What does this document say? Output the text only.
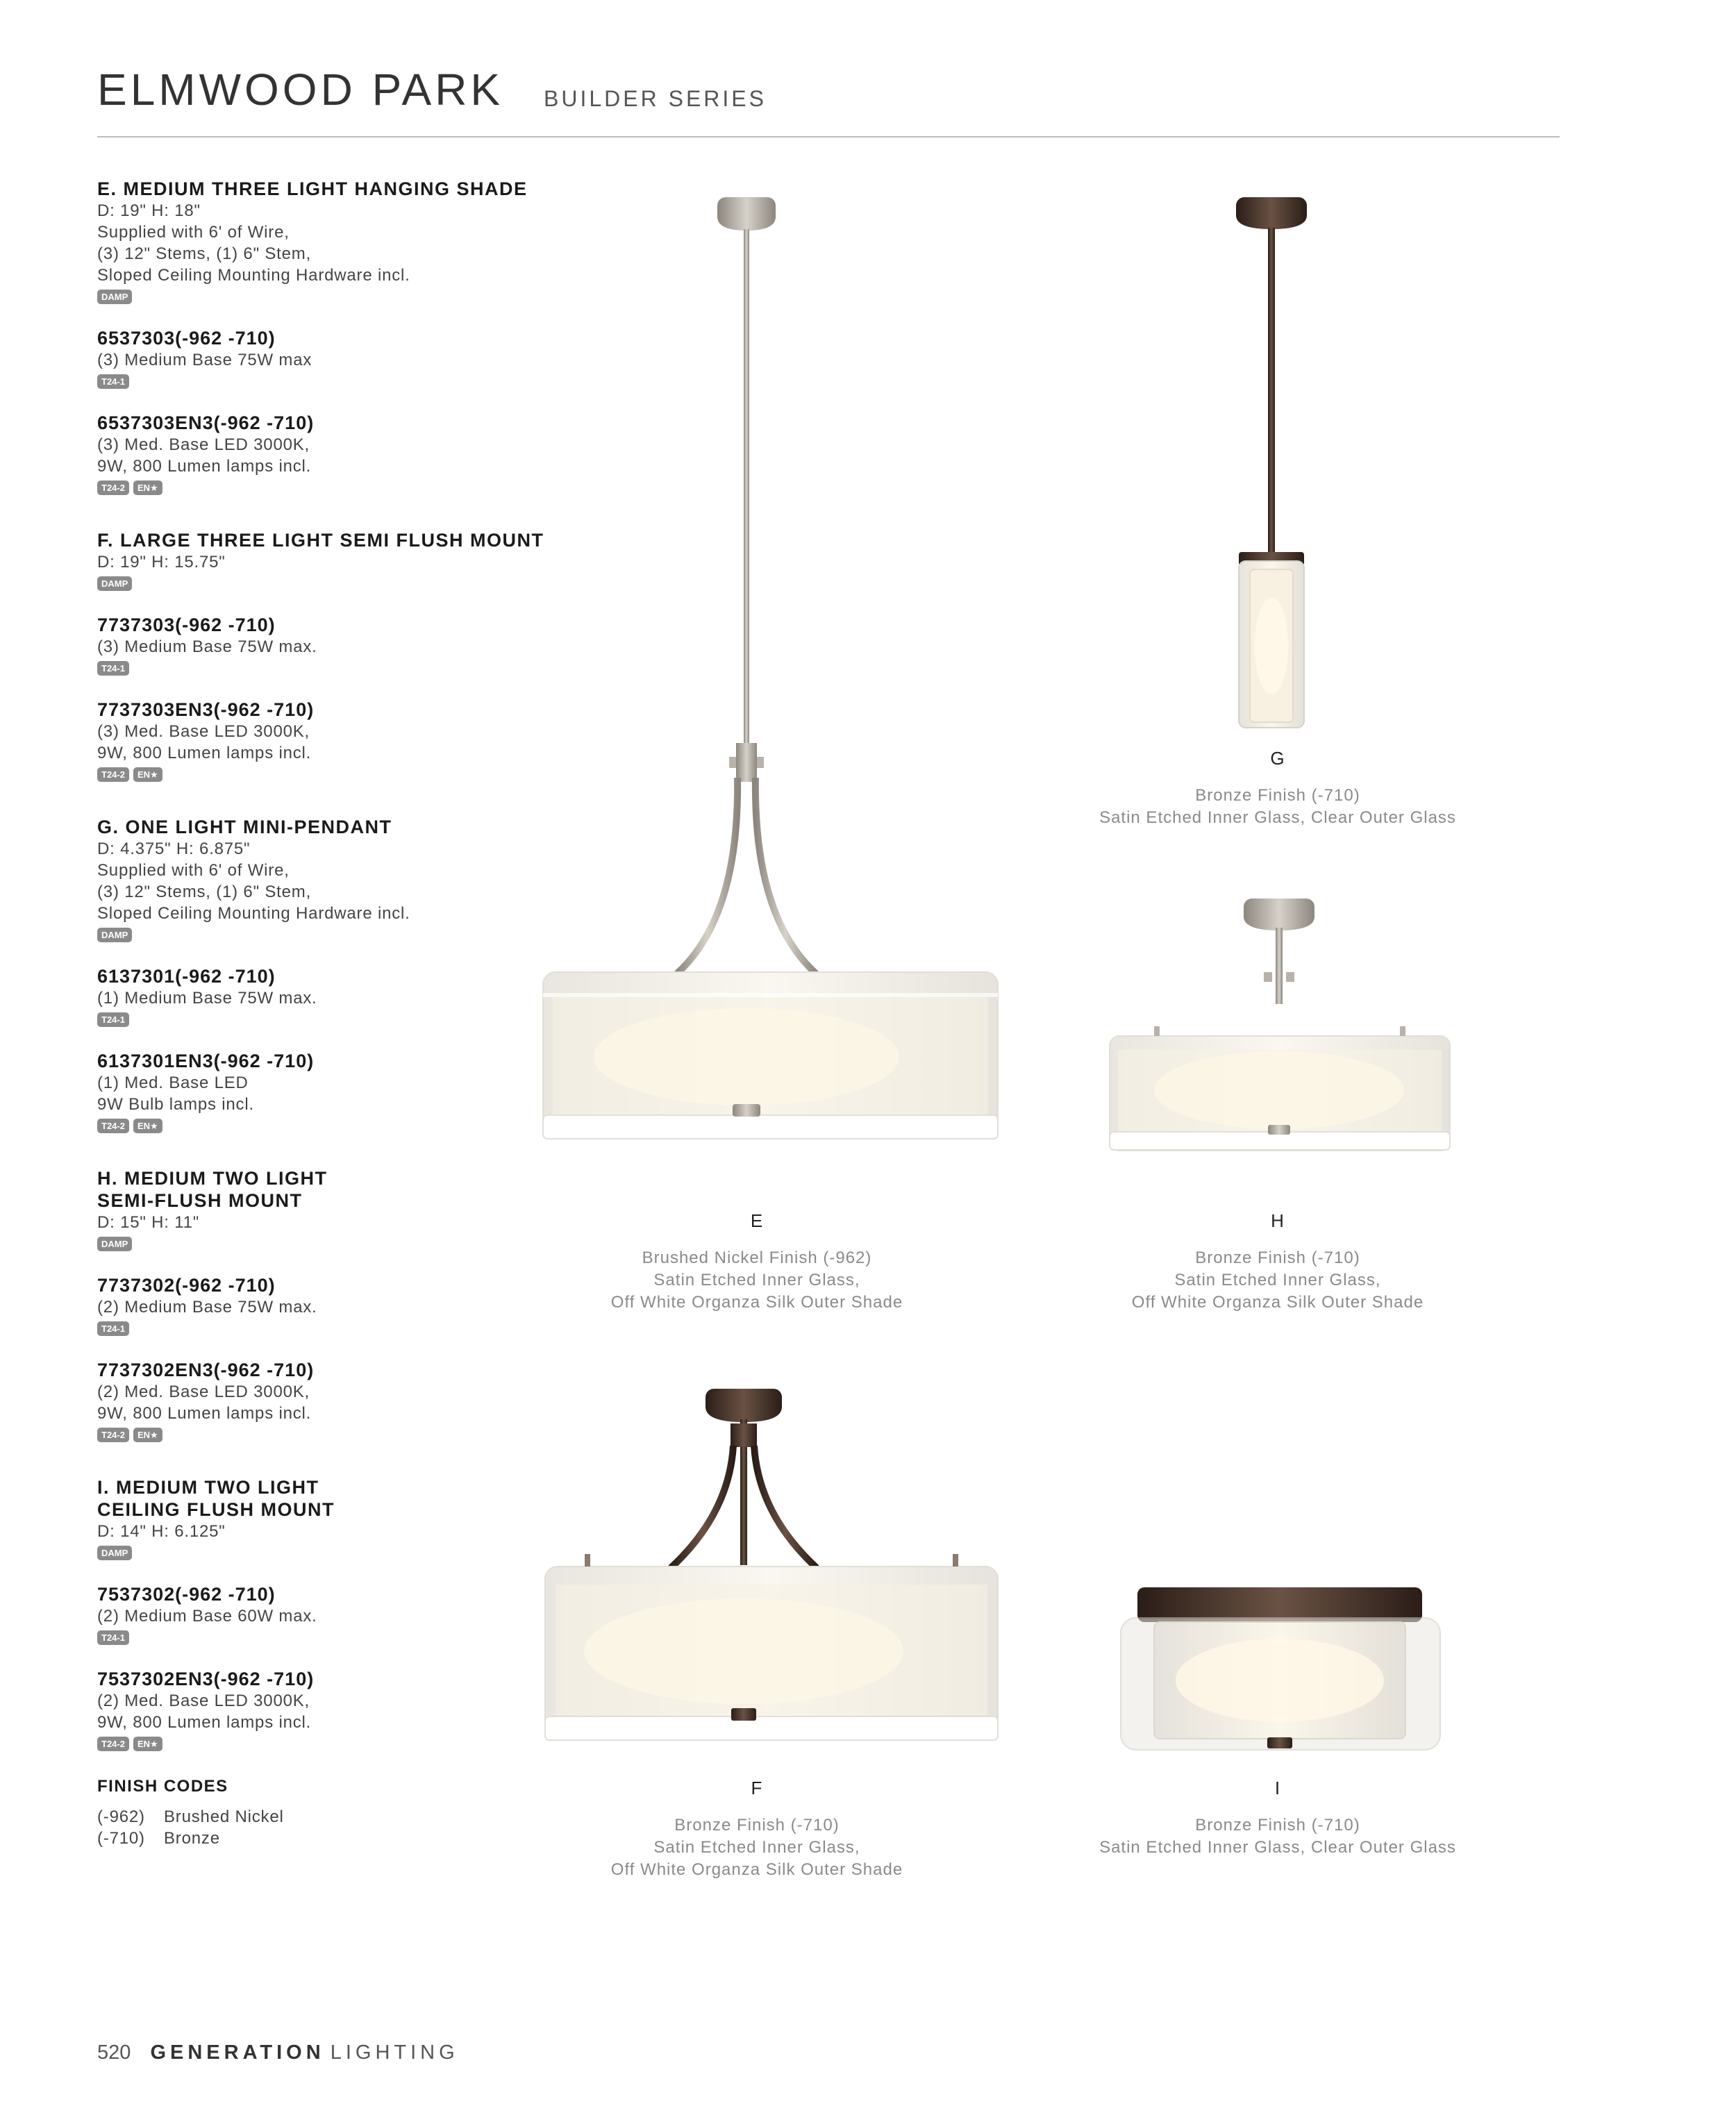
ELMWOOD PARK BUILDER SERIES
E. MEDIUM THREE LIGHT HANGING SHADE
D: 19" H: 18"
Supplied with 6' of Wire,
(3) 12" Stems, (1) 6" Stem,
Sloped Ceiling Mounting Hardware incl.
DAMP
6537303(-962 -710)
(3) Medium Base 75W max
T24-1
6537303EN3(-962 -710)
(3) Med. Base LED 3000K,
9W, 800 Lumen lamps incl.
T24-2 EN★
F. LARGE THREE LIGHT SEMI FLUSH MOUNT
D: 19" H: 15.75"
DAMP
7737303(-962 -710)
(3) Medium Base 75W max.
T24-1
7737303EN3(-962 -710)
(3) Med. Base LED 3000K,
9W, 800 Lumen lamps incl.
T24-2 EN★
G. ONE LIGHT MINI-PENDANT
D: 4.375" H: 6.875"
Supplied with 6' of Wire,
(3) 12" Stems, (1) 6" Stem,
Sloped Ceiling Mounting Hardware incl.
DAMP
6137301(-962 -710)
(1) Medium Base 75W max.
T24-1
6137301EN3(-962 -710)
(1) Med. Base LED
9W Bulb lamps incl.
T24-2 EN★
H. MEDIUM TWO LIGHT
SEMI-FLUSH MOUNT
D: 15" H: 11"
DAMP
7737302(-962 -710)
(2) Medium Base 75W max.
T24-1
7737302EN3(-962 -710)
(2) Med. Base LED 3000K,
9W, 800 Lumen lamps incl.
T24-2 EN★
I. MEDIUM TWO LIGHT
CEILING FLUSH MOUNT
D: 14" H: 6.125"
DAMP
7537302(-962 -710)
(2) Medium Base 60W max.
T24-1
7537302EN3(-962 -710)
(2) Med. Base LED 3000K,
9W, 800 Lumen lamps incl.
T24-2 EN★
FINISH CODES
(-962) Brushed Nickel
(-710) Bronze
E
Brushed Nickel Finish (-962)
Satin Etched Inner Glass,
Off White Organza Silk Outer Shade
G
Bronze Finish (-710)
Satin Etched Inner Glass, Clear Outer Glass
H
Bronze Finish (-710)
Satin Etched Inner Glass,
Off White Organza Silk Outer Shade
F
Bronze Finish (-710)
Satin Etched Inner Glass,
Off White Organza Silk Outer Shade
I
Bronze Finish (-710)
Satin Etched Inner Glass, Clear Outer Glass
520 GENERATION LIGHTING
